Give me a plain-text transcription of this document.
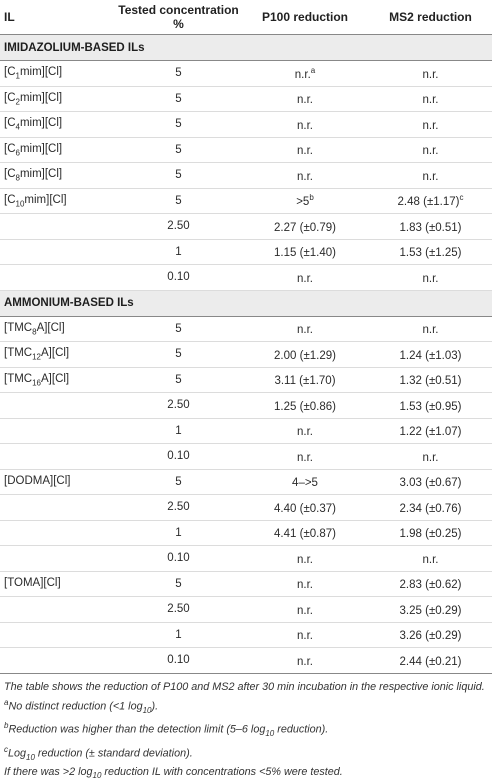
IL	Tested concentration %	P100 reduction	MS2 reduction
IMIDAZOLIUM-BASED ILs			
$[C_1mim][Cl]$	5	n.r.$^a$	n.r.
$[C_2mim][Cl]$	5	n.r.	n.r.
$[C_4mim][Cl]$	5	n.r.	n.r.
$[C_6mim][Cl]$	5	n.r.	n.r.
$[C_8mim][Cl]$	5	n.r.	n.r.
$[C_{10}mim][Cl]$	5	$>5^b$	2.48 $(\pm 1.17)^c$
	2.50	2.27 (±0.79)	1.83 (±0.51)
	1	1.15 (±1.40)	1.53 (±1.25)
	0.10	n.r.	n.r.
AMMONIUM-BASED ILs			
$[TMC_8A][Cl]$	5	n.r.	n.r.
$[TMC_{12}A][Cl]$	5	2.00 (±1.29)	1.24 (±1.03)
$[TMC_{16}A][Cl]$	5	3.11 (±1.70)	1.32 (±0.51)
	2.50	1.25 (±0.86)	1.53 (±0.95)
	1	n.r.	1.22 (±1.07)
	0.10	n.r.	n.r.
[DODMA][Cl]	5	4–>5	3.03 (±0.67)
	2.50	4.40 (±0.37)	2.34 (±0.76)
	1	4.41 (±0.87)	1.98 (±0.25)
	0.10	n.r.	n.r.
[TOMA][Cl]	5	n.r.	2.83 (±0.62)
	2.50	n.r.	3.25 (±0.29)
	1	n.r.	3.26 (±0.29)
	0.10	n.r.	2.44 (±0.21)

The table shows the reduction of P100 and MS2 after 30 min incubation in the respective ionic liquid.

$^a$No distinct reduction (<1 $\log_{10}$).

$^b$Reduction was higher than the detection limit (5–6 $\log_{10}$ reduction).

$^c$Log$_{10}$ reduction (± standard deviation).

If there was >2 $\log_{10}$ reduction IL with concentrations <5% were tested.
